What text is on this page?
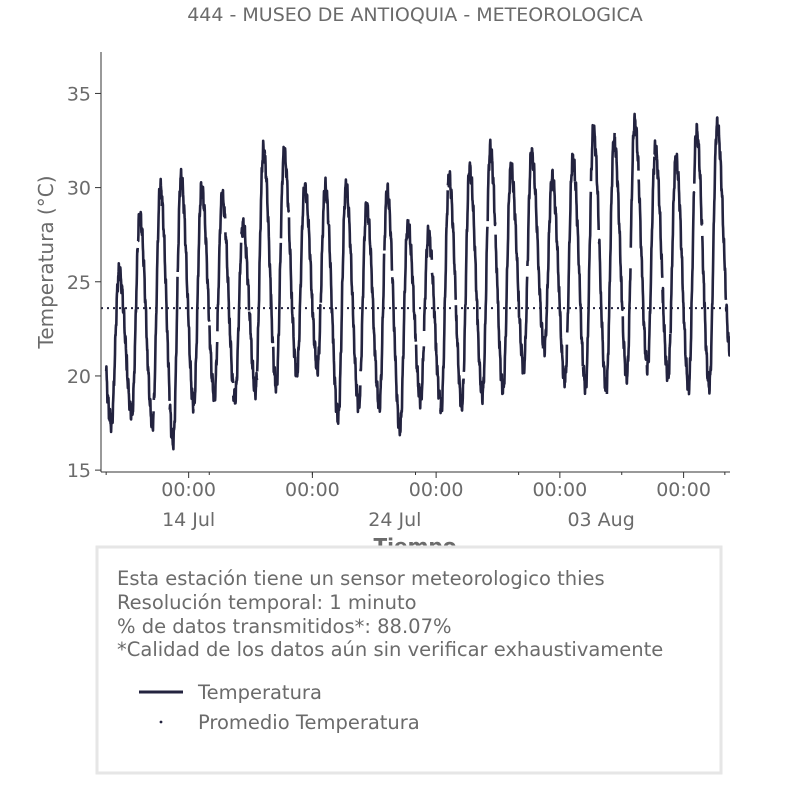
444 - MUSEO DE ANTIOQUIA - METEOROLOGICA
15
20
25
30
35
00:00	00:00	00:00	00:00	00:00
14 Jul	24 Jul	03 Aug
Temperatura (°C)
Esta estación tiene un sensor meteorologico thies
Resolución temporal: 1 minuto
% de datos transmitidos*: 88.07%
*Calidad de los datos aún sin verificar exhaustivamente
Temperatura
Promedio Temperatura
